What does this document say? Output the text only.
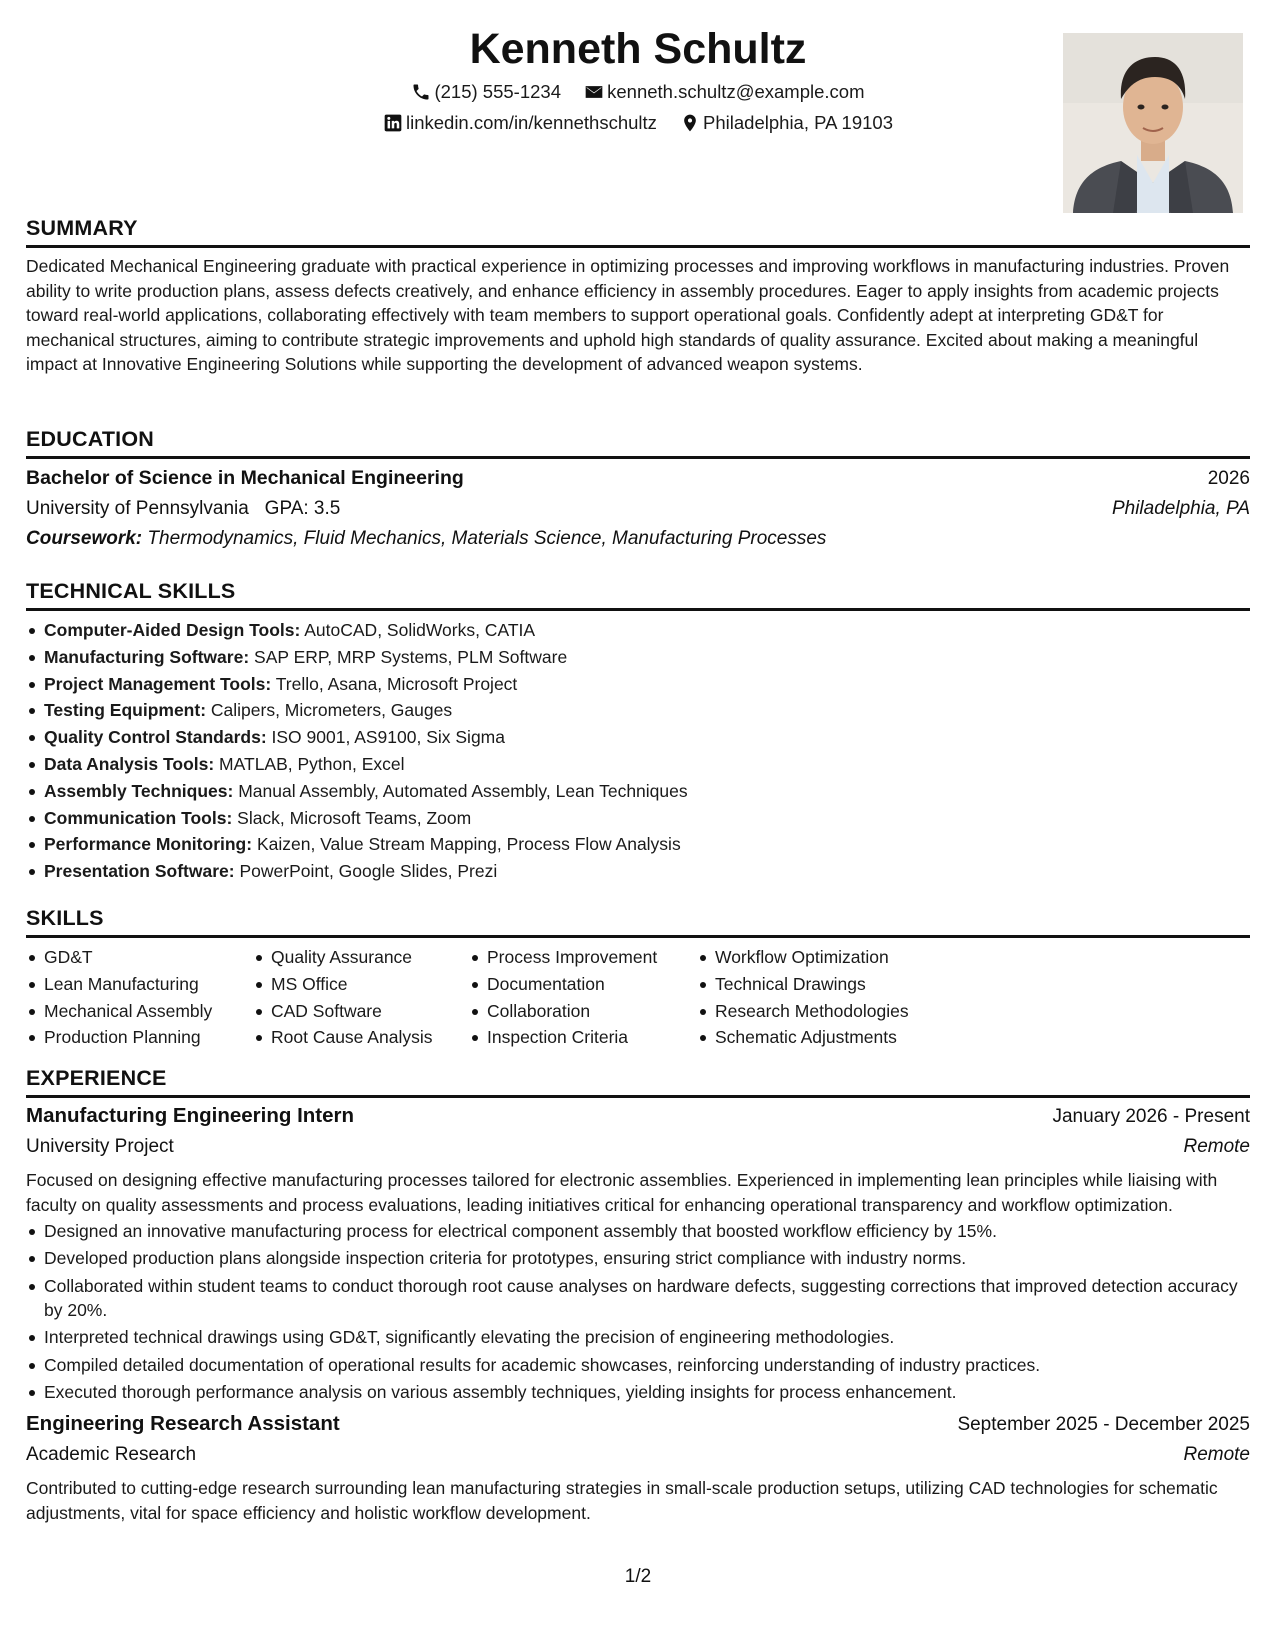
Kenneth Schultz
(215) 555-1234
kenneth.schultz@example.com
linkedin.com/in/kennethschultz
Philadelphia, PA 19103
SUMMARY

Dedicated Mechanical Engineering graduate with practical experience in optimizing processes and improving workflows in manufacturing industries. Proven ability to write production plans, assess defects creatively, and enhance efficiency in assembly procedures. Eager to apply insights from academic projects toward real-world applications, collaborating effectively with team members to support operational goals. Confidently adept at interpreting GD&T for mechanical structures, aiming to contribute strategic improvements and uphold high standards of quality assurance. Excited about making a meaningful impact at Innovative Engineering Solutions while supporting the development of advanced weapon systems.

EDUCATION
Bachelor of Science in Mechanical Engineering	2026
University of Pennsylvania   GPA: 3.5	Philadelphia, PA
Coursework: Thermodynamics, Fluid Mechanics, Materials Science, Manufacturing Processes
TECHNICAL SKILLS
Computer-Aided Design Tools: AutoCAD, SolidWorks, CATIA
Manufacturing Software: SAP ERP, MRP Systems, PLM Software
Project Management Tools: Trello, Asana, Microsoft Project
Testing Equipment: Calipers, Micrometers, Gauges
Quality Control Standards: ISO 9001, AS9100, Six Sigma
Data Analysis Tools: MATLAB, Python, Excel
Assembly Techniques: Manual Assembly, Automated Assembly, Lean Techniques
Communication Tools: Slack, Microsoft Teams, Zoom
Performance Monitoring: Kaizen, Value Stream Mapping, Process Flow Analysis
Presentation Software: PowerPoint, Google Slides, Prezi
SKILLS
GD&T
Lean Manufacturing
Mechanical Assembly
Production Planning
Quality Assurance
MS Office
CAD Software
Root Cause Analysis
Process Improvement
Documentation
Collaboration
Inspection Criteria
Workflow Optimization
Technical Drawings
Research Methodologies
Schematic Adjustments
EXPERIENCE
Manufacturing Engineering Intern	January 2026 - Present
University Project	Remote

Focused on designing effective manufacturing processes tailored for electronic assemblies. Experienced in implementing lean principles while liaising with faculty on quality assessments and process evaluations, leading initiatives critical for enhancing operational transparency and workflow optimization.

Designed an innovative manufacturing process for electrical component assembly that boosted workflow efficiency by 15%.
Developed production plans alongside inspection criteria for prototypes, ensuring strict compliance with industry norms.
Collaborated within student teams to conduct thorough root cause analyses on hardware defects, suggesting corrections that improved detection accuracy by 20%.
Interpreted technical drawings using GD&T, significantly elevating the precision of engineering methodologies.
Compiled detailed documentation of operational results for academic showcases, reinforcing understanding of industry practices.
Executed thorough performance analysis on various assembly techniques, yielding insights for process enhancement.
Engineering Research Assistant	September 2025 - December 2025
Academic Research	Remote

Contributed to cutting-edge research surrounding lean manufacturing strategies in small-scale production setups, utilizing CAD technologies for schematic adjustments, vital for space efficiency and holistic workflow development.

1/2
